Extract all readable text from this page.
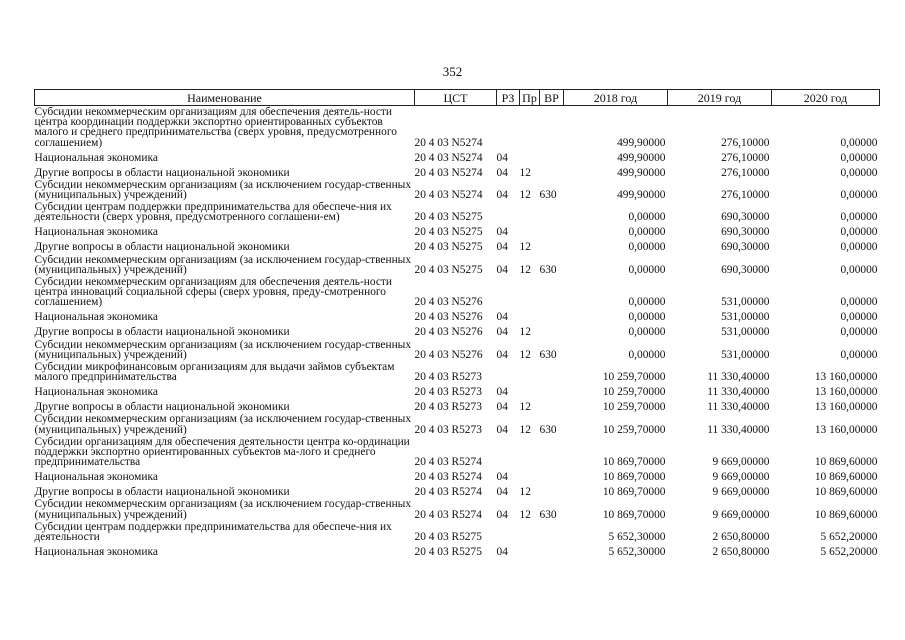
352
Наименование	ЦСТ	РЗ	Пр	ВР	2018 год	2019 год	2020 год
Субсидии некоммерческим организациям для обеспечения деятель-ности центра координации поддержки экспортно ориентированных субъектов малого и среднего предпринимательства (сверх уровня, предусмотренного соглашением)	20 4 03 N5274				499,90000	276,10000	0,00000
Национальная экономика	20 4 03 N5274	04			499,90000	276,10000	0,00000
Другие вопросы в области национальной экономики	20 4 03 N5274	04	12		499,90000	276,10000	0,00000
Субсидии некоммерческим организациям (за исключением государ-ственных (муниципальных) учреждений)	20 4 03 N5274	04	12	630	499,90000	276,10000	0,00000
Субсидии центрам поддержки предпринимательства для обеспече-ния их деятельности (сверх уровня, предусмотренного соглашени-ем)	20 4 03 N5275				0,00000	690,30000	0,00000
Национальная экономика	20 4 03 N5275	04			0,00000	690,30000	0,00000
Другие вопросы в области национальной экономики	20 4 03 N5275	04	12		0,00000	690,30000	0,00000
Субсидии некоммерческим организациям (за исключением государ-ственных (муниципальных) учреждений)	20 4 03 N5275	04	12	630	0,00000	690,30000	0,00000
Субсидии некоммерческим организациям для обеспечения деятель-ности центра инноваций социальной сферы (сверх уровня, преду-смотренного соглашением)	20 4 03 N5276				0,00000	531,00000	0,00000
Национальная экономика	20 4 03 N5276	04			0,00000	531,00000	0,00000
Другие вопросы в области национальной экономики	20 4 03 N5276	04	12		0,00000	531,00000	0,00000
Субсидии некоммерческим организациям (за исключением государ-ственных (муниципальных) учреждений)	20 4 03 N5276	04	12	630	0,00000	531,00000	0,00000
Субсидии микрофинансовым организациям для выдачи займов субъектам малого предпринимательства	20 4 03 R5273				10 259,70000	11 330,40000	13 160,00000
Национальная экономика	20 4 03 R5273	04			10 259,70000	11 330,40000	13 160,00000
Другие вопросы в области национальной экономики	20 4 03 R5273	04	12		10 259,70000	11 330,40000	13 160,00000
Субсидии некоммерческим организациям (за исключением государ-ственных (муниципальных) учреждений)	20 4 03 R5273	04	12	630	10 259,70000	11 330,40000	13 160,00000
Субсидии организациям для обеспечения деятельности центра ко-ординации поддержки экспортно ориентированных субъектов ма-лого и среднего предпринимательства	20 4 03 R5274				10 869,70000	9 669,00000	10 869,60000
Национальная экономика	20 4 03 R5274	04			10 869,70000	9 669,00000	10 869,60000
Другие вопросы в области национальной экономики	20 4 03 R5274	04	12		10 869,70000	9 669,00000	10 869,60000
Субсидии некоммерческим организациям (за исключением государ-ственных (муниципальных) учреждений)	20 4 03 R5274	04	12	630	10 869,70000	9 669,00000	10 869,60000
Субсидии центрам поддержки предпринимательства для обеспече-ния их деятельности	20 4 03 R5275				5 652,30000	2 650,80000	5 652,20000
Национальная экономика	20 4 03 R5275	04			5 652,30000	2 650,80000	5 652,20000
